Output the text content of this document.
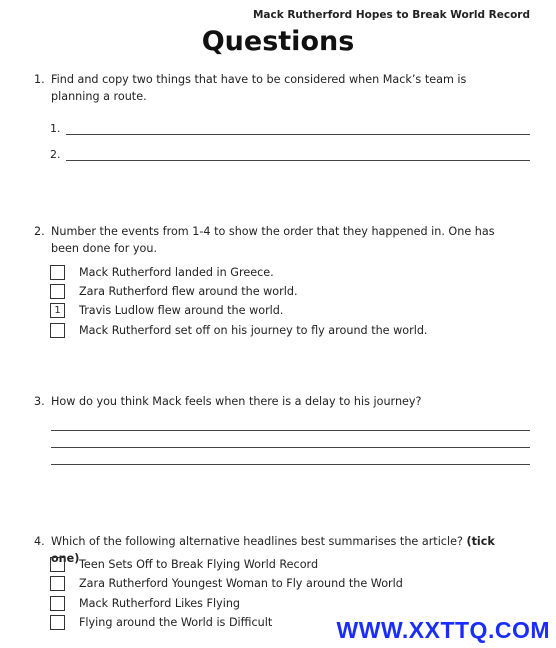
Mack Rutherford Hopes to Break World Record
Questions
1. Find and copy two things that have to be considered when Mack’s team is planning a route.
1.
2.
2. Number the events from 1-4 to show the order that they happened in. One has been done for you.
Mack Rutherford landed in Greece.
Zara Rutherford flew around the world.
1	Travis Ludlow flew around the world.
Mack Rutherford set off on his journey to fly around the world.
3. How do you think Mack feels when there is a delay to his journey?
4. Which of the following alternative headlines best summarises the article? (tick one) Teen Sets Off to Break Flying World Record
Zara Rutherford Youngest Woman to Fly around the World
Mack Rutherford Likes Flying
Flying around the World is Difficult	WWW.XXTTQ.COM
